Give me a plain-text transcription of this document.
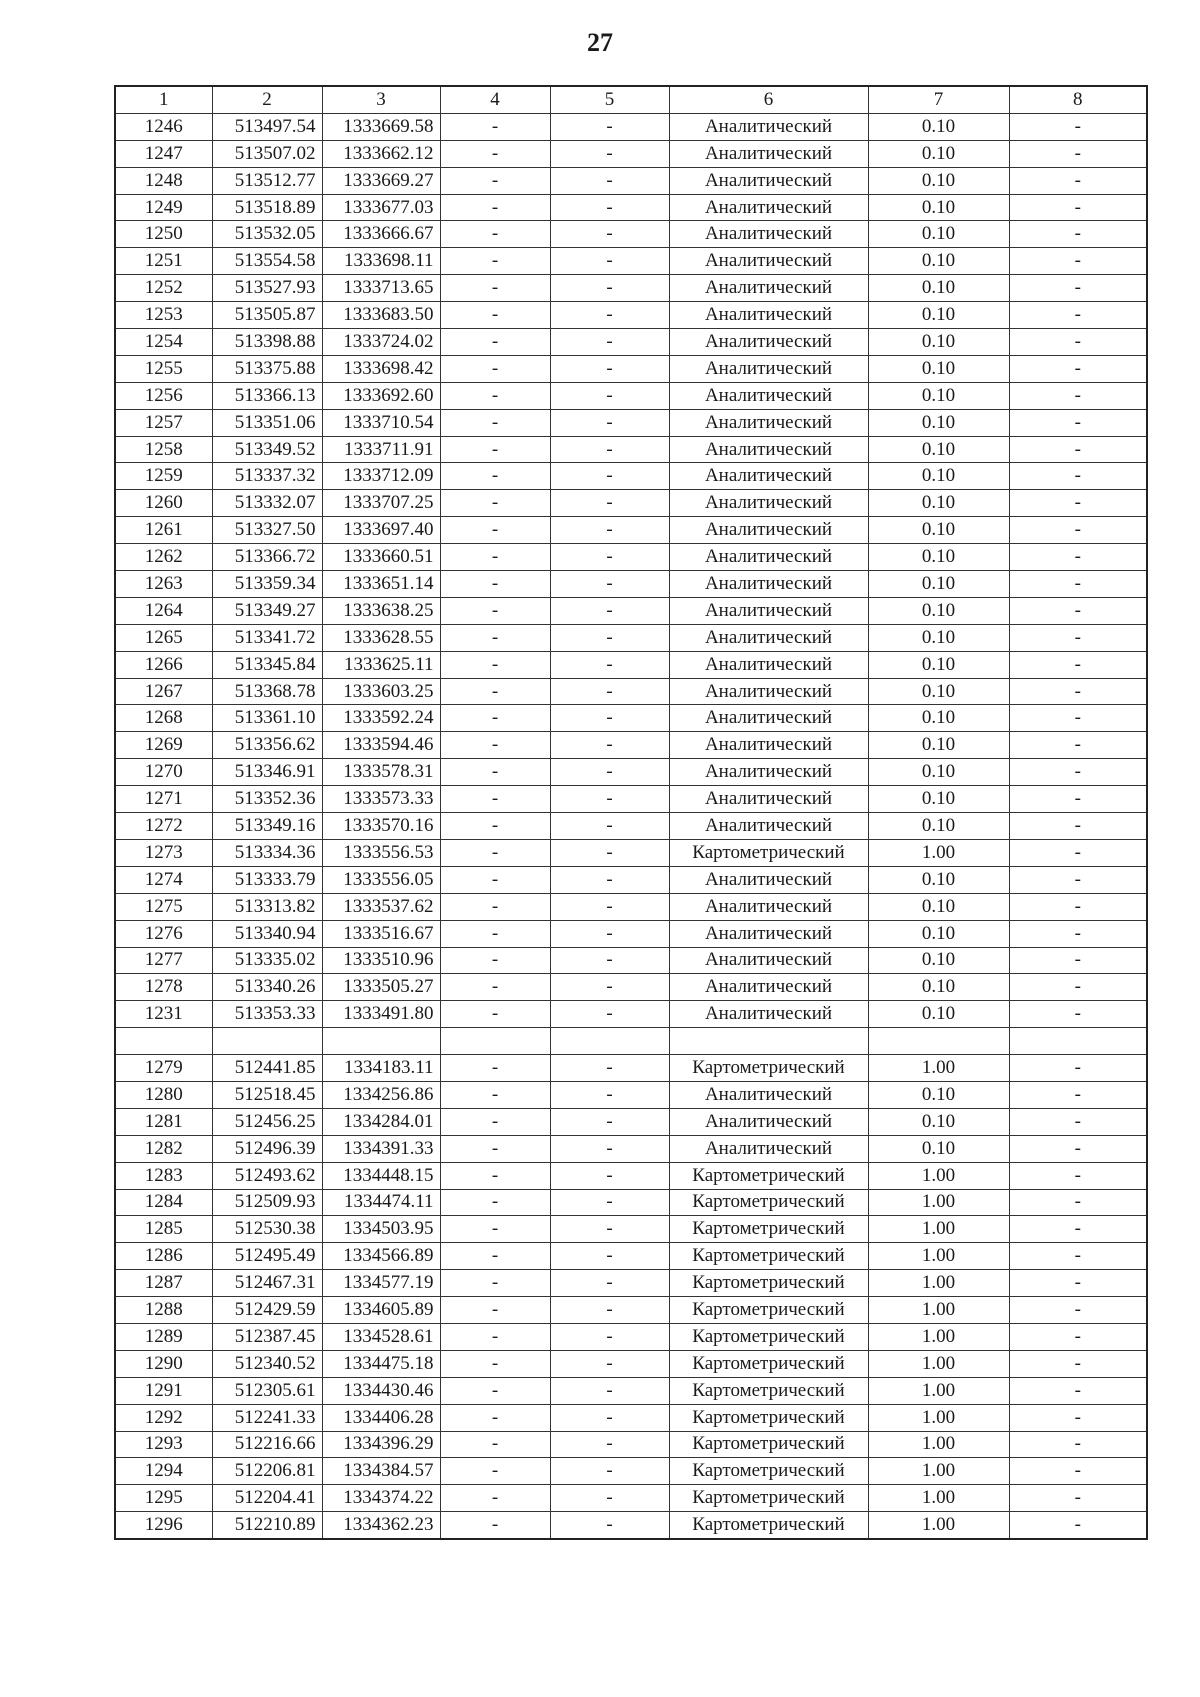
27
1	2	3	4	5	6	7	8
1246	513497.54	1333669.58	-	-	Аналитический	0.10	-
1247	513507.02	1333662.12	-	-	Аналитический	0.10	-
1248	513512.77	1333669.27	-	-	Аналитический	0.10	-
1249	513518.89	1333677.03	-	-	Аналитический	0.10	-
1250	513532.05	1333666.67	-	-	Аналитический	0.10	-
1251	513554.58	1333698.11	-	-	Аналитический	0.10	-
1252	513527.93	1333713.65	-	-	Аналитический	0.10	-
1253	513505.87	1333683.50	-	-	Аналитический	0.10	-
1254	513398.88	1333724.02	-	-	Аналитический	0.10	-
1255	513375.88	1333698.42	-	-	Аналитический	0.10	-
1256	513366.13	1333692.60	-	-	Аналитический	0.10	-
1257	513351.06	1333710.54	-	-	Аналитический	0.10	-
1258	513349.52	1333711.91	-	-	Аналитический	0.10	-
1259	513337.32	1333712.09	-	-	Аналитический	0.10	-
1260	513332.07	1333707.25	-	-	Аналитический	0.10	-
1261	513327.50	1333697.40	-	-	Аналитический	0.10	-
1262	513366.72	1333660.51	-	-	Аналитический	0.10	-
1263	513359.34	1333651.14	-	-	Аналитический	0.10	-
1264	513349.27	1333638.25	-	-	Аналитический	0.10	-
1265	513341.72	1333628.55	-	-	Аналитический	0.10	-
1266	513345.84	1333625.11	-	-	Аналитический	0.10	-
1267	513368.78	1333603.25	-	-	Аналитический	0.10	-
1268	513361.10	1333592.24	-	-	Аналитический	0.10	-
1269	513356.62	1333594.46	-	-	Аналитический	0.10	-
1270	513346.91	1333578.31	-	-	Аналитический	0.10	-
1271	513352.36	1333573.33	-	-	Аналитический	0.10	-
1272	513349.16	1333570.16	-	-	Аналитический	0.10	-
1273	513334.36	1333556.53	-	-	Картометрический	1.00	-
1274	513333.79	1333556.05	-	-	Аналитический	0.10	-
1275	513313.82	1333537.62	-	-	Аналитический	0.10	-
1276	513340.94	1333516.67	-	-	Аналитический	0.10	-
1277	513335.02	1333510.96	-	-	Аналитический	0.10	-
1278	513340.26	1333505.27	-	-	Аналитический	0.10	-
1231	513353.33	1333491.80	-	-	Аналитический	0.10	-

1279	512441.85	1334183.11	-	-	Картометрический	1.00	-
1280	512518.45	1334256.86	-	-	Аналитический	0.10	-
1281	512456.25	1334284.01	-	-	Аналитический	0.10	-
1282	512496.39	1334391.33	-	-	Аналитический	0.10	-
1283	512493.62	1334448.15	-	-	Картометрический	1.00	-
1284	512509.93	1334474.11	-	-	Картометрический	1.00	-
1285	512530.38	1334503.95	-	-	Картометрический	1.00	-
1286	512495.49	1334566.89	-	-	Картометрический	1.00	-
1287	512467.31	1334577.19	-	-	Картометрический	1.00	-
1288	512429.59	1334605.89	-	-	Картометрический	1.00	-
1289	512387.45	1334528.61	-	-	Картометрический	1.00	-
1290	512340.52	1334475.18	-	-	Картометрический	1.00	-
1291	512305.61	1334430.46	-	-	Картометрический	1.00	-
1292	512241.33	1334406.28	-	-	Картометрический	1.00	-
1293	512216.66	1334396.29	-	-	Картометрический	1.00	-
1294	512206.81	1334384.57	-	-	Картометрический	1.00	-
1295	512204.41	1334374.22	-	-	Картометрический	1.00	-
1296	512210.89	1334362.23	-	-	Картометрический	1.00	-
